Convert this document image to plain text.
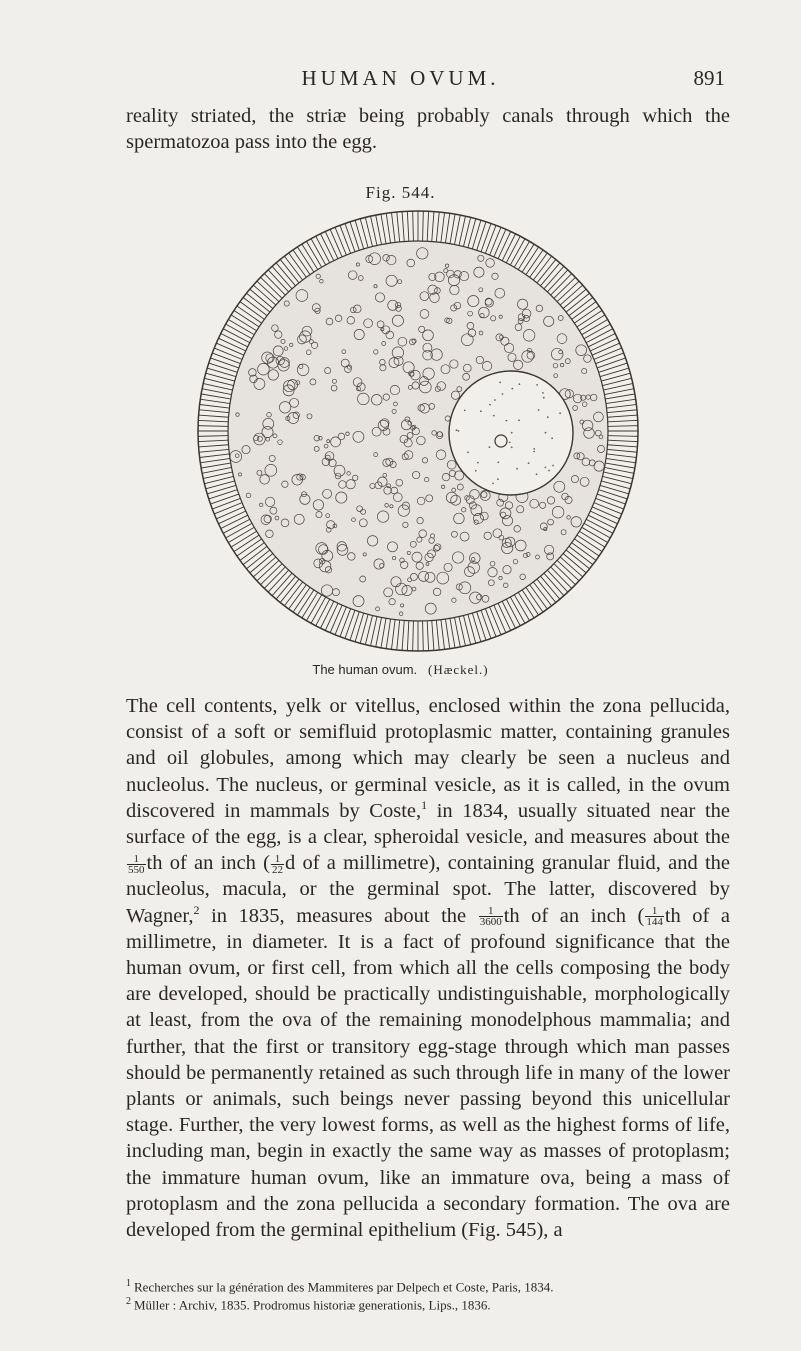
HUMAN OVUM.	891

reality striated, the striæ being probably canals through which the spermatozoa pass into the egg.

Fig. 544.
The human ovum. (Hæckel.)

The cell contents, yelk or vitellus, enclosed within the zona pellucida, consist of a soft or semifluid protoplasmic matter, containing granules and oil globules, among which may clearly be seen a nucleus and nucleolus. The nucleus, or germinal vesicle, as it is called, in the ovum discovered in mammals by Coste,$^1$ in 1834, usually situated near the surface of the egg, is a clear, spheroidal vesicle, and measures about the
$\frac{1}{550}$ th of an inch ( $\frac{1}{22}$ d of a millimetre), containing granular fluid, and the nucleolus, macula, or the germinal spot. The latter, discovered by Wagner,$^2$ in 1835, measures about the $\frac{1}{3600}$ th of an inch ( $\frac{1}{144}$ th of a millimetre, in diameter. It is a fact of profound significance that the human ovum, or first cell, from which all the cells composing the body are developed, should be practically undistinguishable, morphologically at least, from the ova of the remaining monodelphous mammalia; and further, that the first or transitory egg-stage through which man passes should be permanently retained as such through life in many of the lower plants or animals, such beings never passing beyond this unicellular stage. Further, the very lowest forms, as well as the highest forms of life, including man, begin in exactly the same way as masses of protoplasm; the immature human ovum, like an immature ova, being a mass of protoplasm and the zona pellucida a secondary formation. The ova are developed from the germinal epithelium (Fig. 545), a

$^1$ Recherches sur la génération des Mammiteres par Delpech et Coste, Paris, 1834.
$^2$ Müller : Archiv, 1835. Prodromus historiæ generationis, Lips., 1836.
